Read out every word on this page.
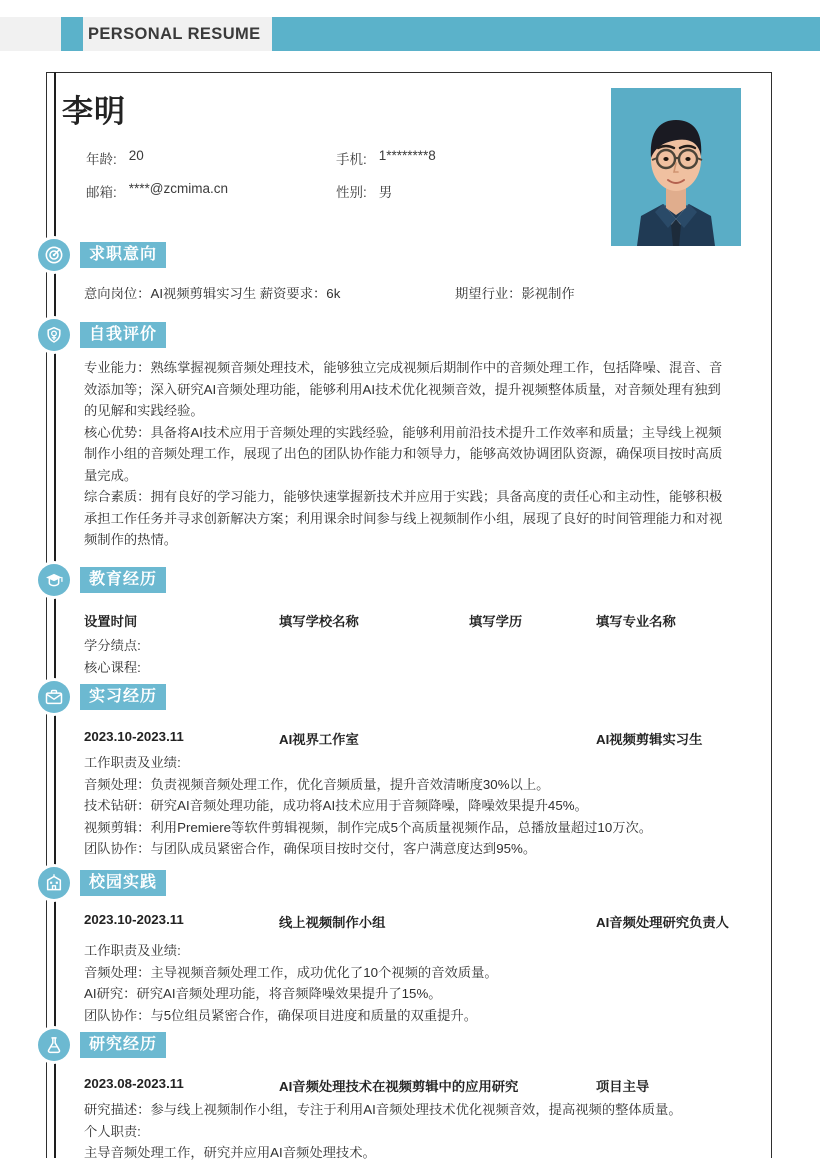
PERSONAL RESUME
李明
年龄: 20	手机: 1********8
邮箱: ****@zcmima.cn	性别: 男
求职意向
意向岗位：AI视频剪辑实习生 薪资要求：6k	期望行业：影视制作
自我评价

专业能力：熟练掌握视频音频处理技术，能够独立完成视频后期制作中的音频处理工作，包括降噪、混音、音效添加等；深入研究AI音频处理功能，能够利用AI技术优化视频音效，提升视频整体质量，对音频处理有独到的见解和实践经验。

核心优势：具备将AI技术应用于音频处理的实践经验，能够利用前沿技术提升工作效率和质量；主导线上视频制作小组的音频处理工作，展现了出色的团队协作能力和领导力，能够高效协调团队资源，确保项目按时高质量完成。

综合素质：拥有良好的学习能力，能够快速掌握新技术并应用于实践；具备高度的责任心和主动性，能够积极承担工作任务并寻求创新解决方案；利用课余时间参与线上视频制作小组，展现了良好的时间管理能力和对视频制作的热情。

教育经历
设置时间	填写学校名称	填写学历	填写专业名称
学分绩点:
核心课程:
实习经历
2023.10-2023.11	AI视界工作室	AI视频剪辑实习生

工作职责及业绩:

音频处理：负责视频音频处理工作，优化音频质量，提升音效清晰度30%以上。

技术钻研：研究AI音频处理功能，成功将AI技术应用于音频降噪，降噪效果提升45%。

视频剪辑：利用Premiere等软件剪辑视频，制作完成5个高质量视频作品，总播放量超过10万次。

团队协作：与团队成员紧密合作，确保项目按时交付，客户满意度达到95%。

校园实践
2023.10-2023.11	线上视频制作小组	AI音频处理研究负责人

工作职责及业绩:

音频处理：主导视频音频处理工作，成功优化了10个视频的音效质量。

AI研究：研究AI音频处理功能，将音频降噪效果提升了15%。

团队协作：与5位组员紧密合作，确保项目进度和质量的双重提升。

研究经历
2023.08-2023.11	AI音频处理技术在视频剪辑中的应用研究	项目主导

研究描述：参与线上视频制作小组，专注于利用AI音频处理技术优化视频音效，提高视频的整体质量。

个人职责:

主导音频处理工作，研究并应用AI音频处理技术。
